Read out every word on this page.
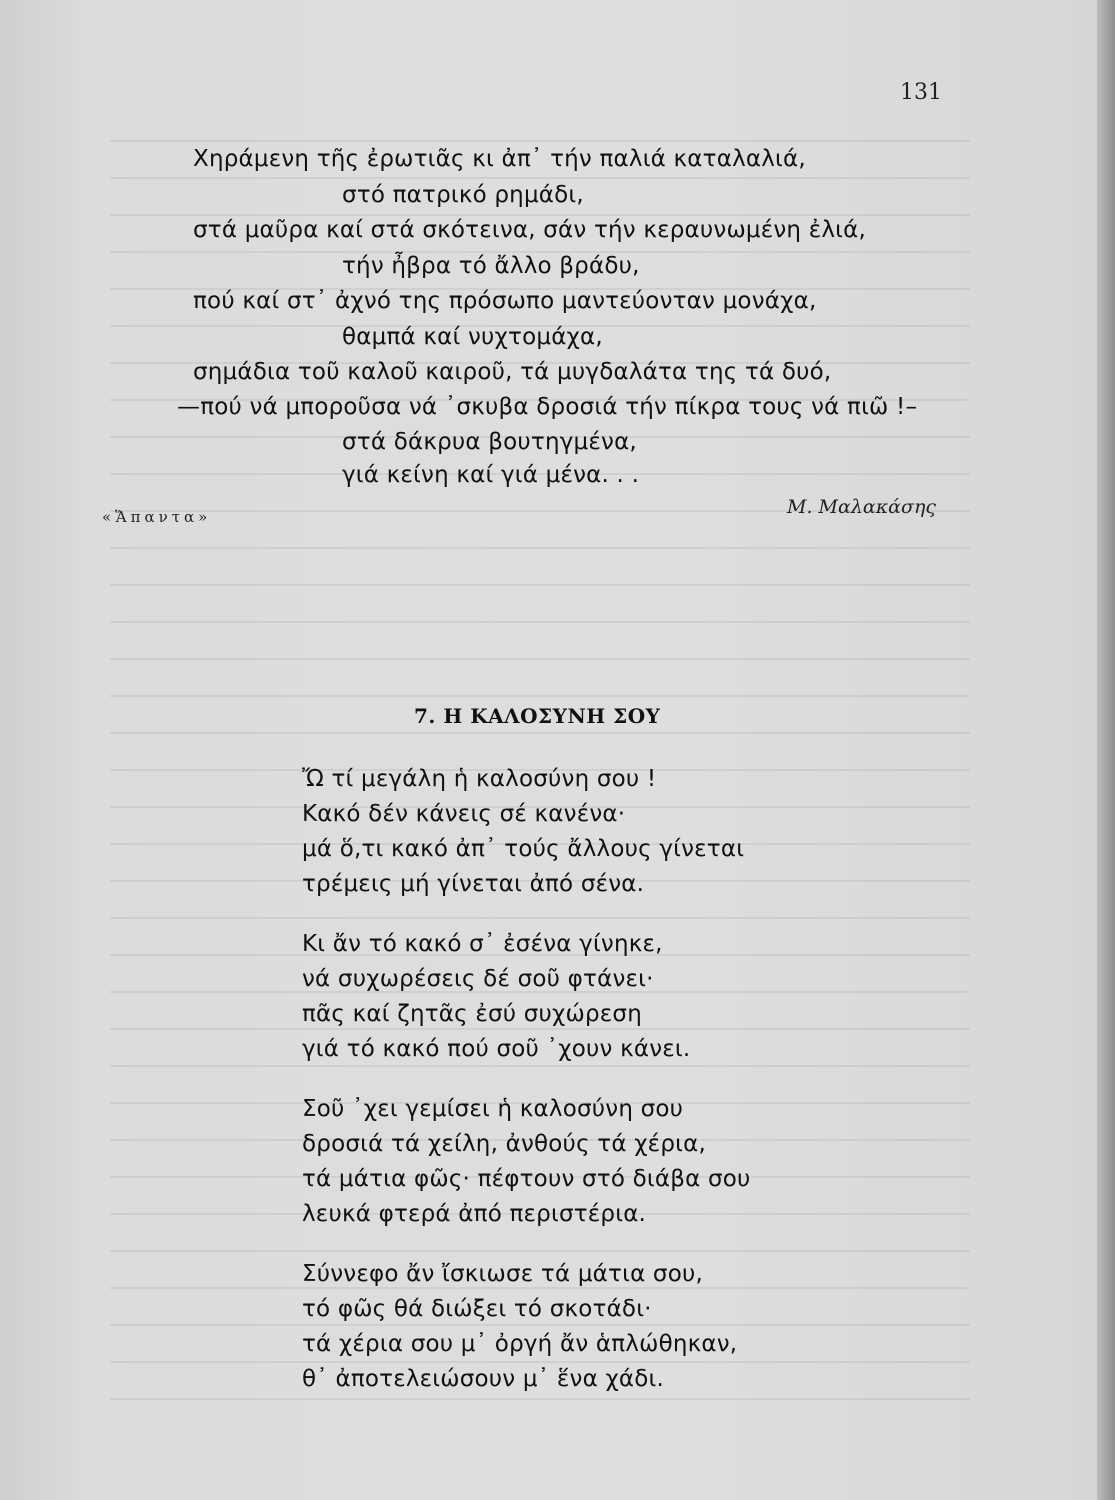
131
Χηράμενη τῆς ἐρωτιᾶς κι ἀπ᾽ τήν παλιά καταλαλιά,
στό πατρικό ρημάδι,
στά μαῦρα καί στά σκότεινα, σάν τήν κεραυνωμένη ἐλιά,
τήν ἦβρα τό ἄλλο βράδυ,
πού καί στ᾽ ἀχνό της πρόσωπο μαντεύονταν μονάχα,
θαμπά καί νυχτομάχα,
σημάδια τοῦ καλοῦ καιροῦ, τά μυγδαλάτα της τά δυό,
—πού νά μποροῦσα νά ᾽σκυβα δροσιά τήν πίκρα τους νά πιῶ !–
στά δάκρυα βουτηγμένα,
γιά κείνη καί γιά μένα. . .
«Ἅπαντα»	Μ. Μαλακάσης
7. Η ΚΑΛΟΣΥΝΗ ΣΟΥ
Ὤ τί μεγάλη ἡ καλοσύνη σου !
Κακό δέν κάνεις σέ κανένα·
μά ὅ,τι κακό ἀπ᾽ τούς ἄλλους γίνεται
τρέμεις μή γίνεται ἀπό σένα.
Κι ἄν τό κακό σ᾽ ἐσένα γίνηκε,
νά συχωρέσεις δέ σοῦ φτάνει·
πᾶς καί ζητᾶς ἐσύ συχώρεση
γιά τό κακό πού σοῦ ᾽χουν κάνει.
Σοῦ ᾽χει γεμίσει ἡ καλοσύνη σου
δροσιά τά χείλη, ἀνθούς τά χέρια,
τά μάτια φῶς· πέφτουν στό διάβα σου
λευκά φτερά ἀπό περιστέρια.
Σύννεφο ἄν ἴσκιωσε τά μάτια σου,
τό φῶς θά διώξει τό σκοτάδι·
τά χέρια σου μ᾽ ὀργή ἄν ἁπλώθηκαν,
θ᾽ ἀποτελειώσουν μ᾽ ἕνα χάδι.
